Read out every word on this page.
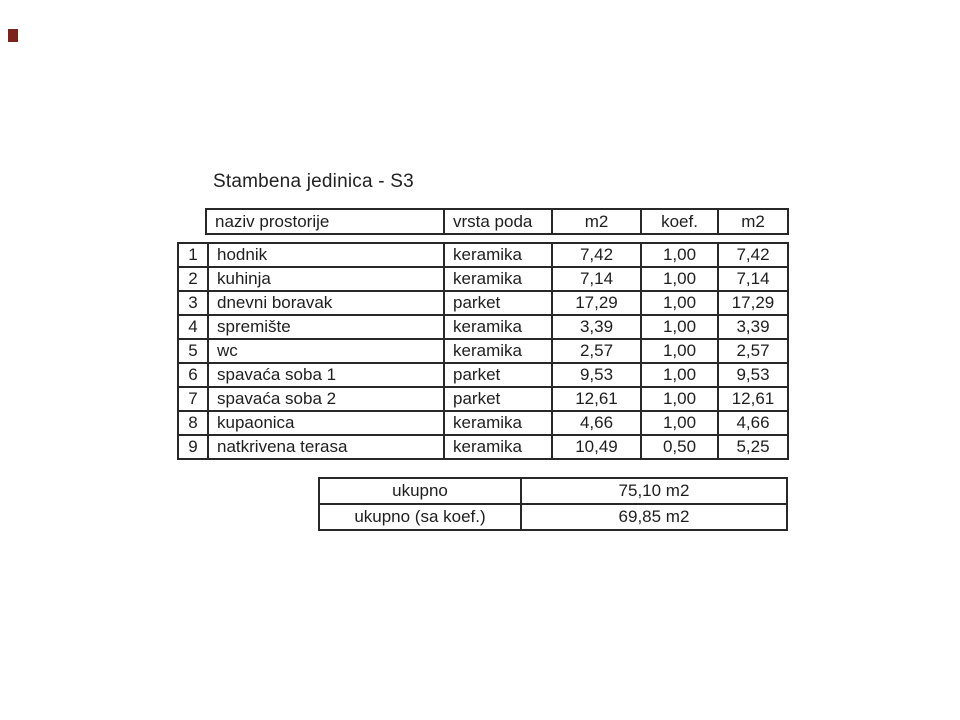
Stambena jedinica - S3
naziv prostorije	vrsta poda	m2	koef.	m2
1	hodnik	keramika	7,42	1,00	7,42
2	kuhinja	keramika	7,14	1,00	7,14
3	dnevni boravak	parket	17,29	1,00	17,29
4	spremište	keramika	3,39	1,00	3,39
5	wc	keramika	2,57	1,00	2,57
6	spavaća soba 1	parket	9,53	1,00	9,53
7	spavaća soba 2	parket	12,61	1,00	12,61
8	kupaonica	keramika	4,66	1,00	4,66
9	natkrivena terasa	keramika	10,49	0,50	5,25
ukupno	75,10 m2
ukupno (sa koef.)	69,85 m2
